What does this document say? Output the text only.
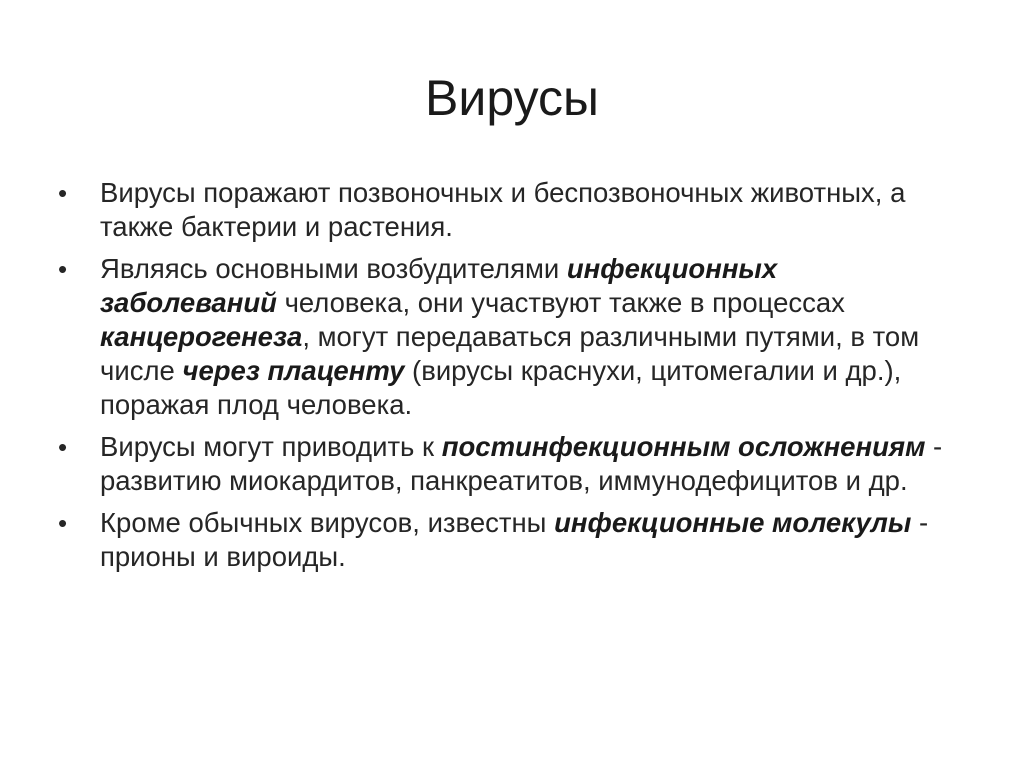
Вирусы
• Вирусы поражают позвоночных и беспозвоночных животных, а также бактерии и растения.
• Являясь основными возбудителями инфекционных заболеваний человека, они участвуют также в процессах канцерогенеза, могут передаваться различными путями, в том числе через плаценту (вирусы краснухи, цитомегалии и др.), поражая плод человека.
• Вирусы могут приводить к постинфекционным осложнениям - развитию миокардитов, панкреатитов, иммунодефицитов и др.
• Кроме обычных вирусов, известны инфекционные молекулы - прионы и вироиды.
